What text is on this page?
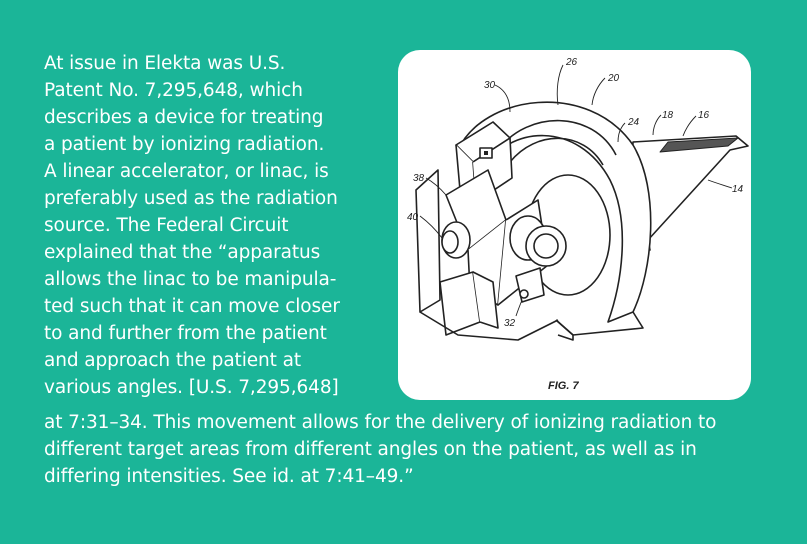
At issue in Elekta was U.S.
Patent No. 7,295,648, which
describes a device for treating
a patient by ionizing radiation.
A linear accelerator, or linac, is
preferably used as the radiation
source. The Federal Circuit
explained that the “apparatus
allows the linac to be manipula-
ted such that it can move closer
to and further from the patient
and approach the patient at
various angles. [U.S. 7,295,648]
at 7:31–34. This movement allows for the delivery of ionizing radiation to
different target areas from different angles on the patient, as well as in
differing intensities. See id. at 7:41–49.”
26
30
20
24
18 16
38
14
40
32
FIG. 7
